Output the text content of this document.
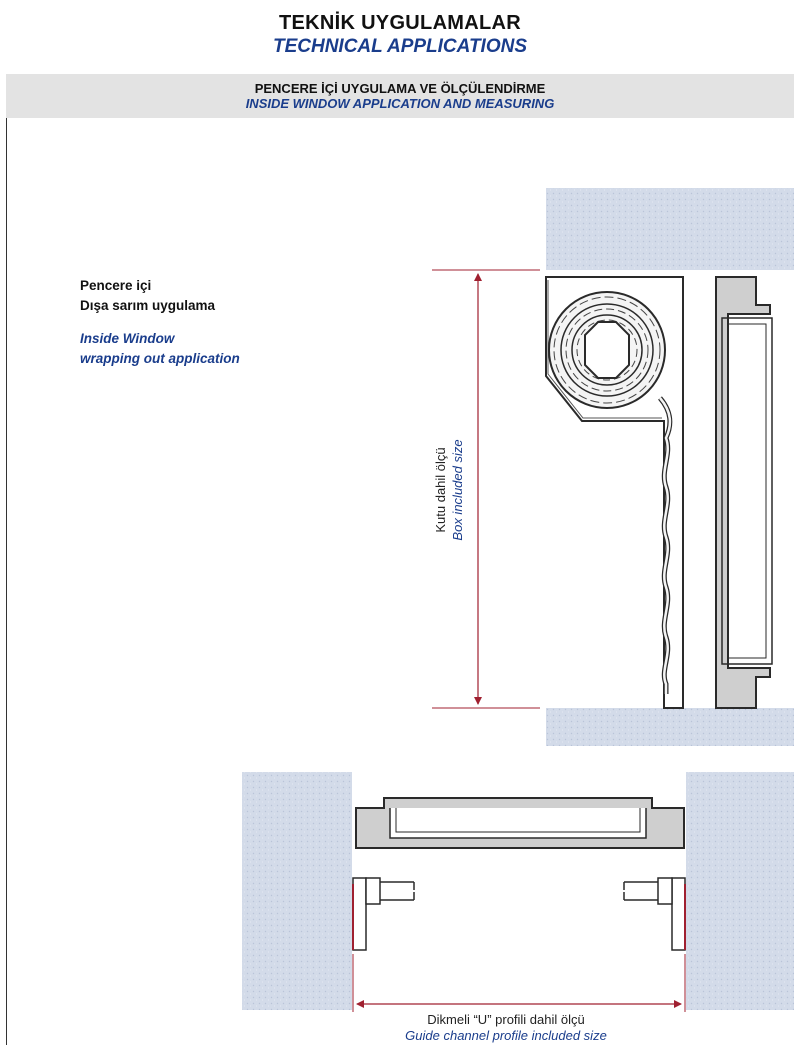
TEKNİK UYGULAMALAR
TECHNICAL APPLICATIONS
PENCERE İÇİ UYGULAMA VE ÖLÇÜLENDİRME
INSIDE WINDOW APPLICATION AND MEASURING
Pencere içi
Dışa sarım uygulama
Inside Window
wrapping out application
Kutu dahil ölçü Box included size
Dikmeli “U” profili dahil ölçü
Guide channel profile included size
